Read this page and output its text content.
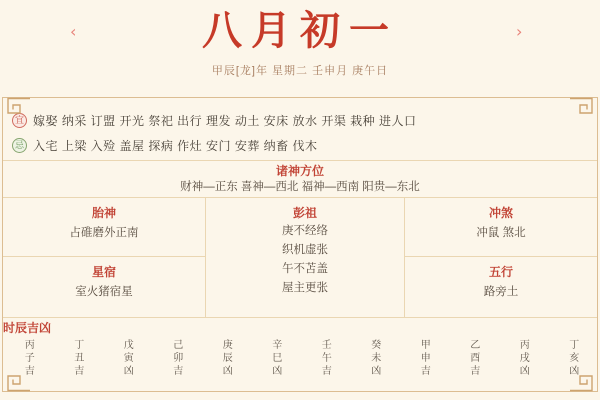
‹	八月初一	›
甲辰[龙]年 星期二 壬申月 庚午日
宜 嫁娶 纳采 订盟 开光 祭祀 出行 理发 动土 安床 放水 开渠 栽种 进人口
忌 入宅 上梁 入殓 盖屋 探病 作灶 安门 安葬 纳畜 伐木
诸神方位
财神—正东 喜神—西北 福神—西南 阳贵—东北
胎神
占碓磨外正南
彭祖
庚不经络
织机虚张
午不苫盖
屋主更张
冲煞
冲鼠 煞北
星宿
室火猪宿星
五行
路旁土
时辰吉凶
丙子吉	丁丑吉	戊寅凶	己卯吉	庚辰凶	辛巳凶	壬午吉	癸未凶	甲申吉	乙酉吉	丙戌凶	丁亥凶
